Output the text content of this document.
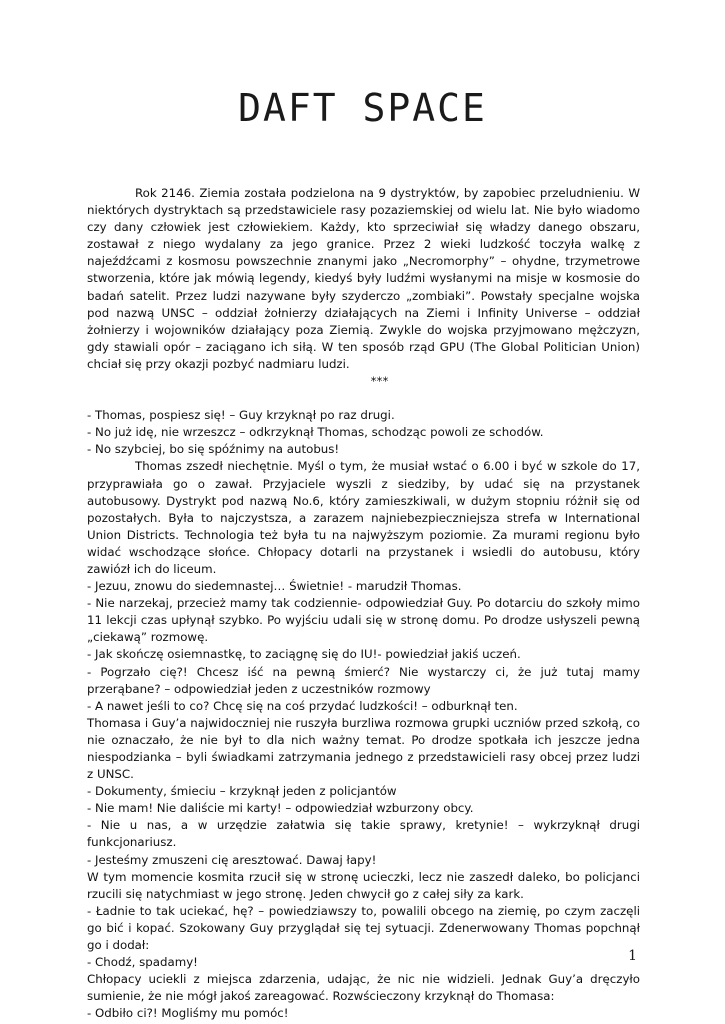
DAFT SPACE

Rok 2146. Ziemia została podzielona na 9 dystryktów, by zapobiec przeludnieniu. W niektórych dystryktach są przedstawiciele rasy pozaziemskiej od wielu lat. Nie było wiadomo czy dany człowiek jest człowiekiem. Każdy, kto sprzeciwiał się władzy danego obszaru, zostawał z niego wydalany za jego granice. Przez 2 wieki ludzkość toczyła walkę z najeźdźcami z kosmosu powszechnie znanymi jako „Necromorphy” – ohydne, trzymetrowe stworzenia, które jak mówią legendy, kiedyś były ludźmi wysłanymi na misje w kosmosie do badań satelit. Przez ludzi nazywane były szyderczo „zombiaki”. Powstały specjalne wojska pod nazwą UNSC – oddział żołnierzy działających na Ziemi i Infinity Universe – oddział żołnierzy i wojowników działający poza Ziemią. Zwykle do wojska przyjmowano mężczyzn, gdy stawiali opór – zaciągano ich siłą. W ten sposób rząd GPU (The Global Politician Union) chciał się przy okazji pozbyć nadmiaru ludzi.

***

- Thomas, pospiesz się! – Guy krzyknął po raz drugi.

- No już idę, nie wrzeszcz – odkrzyknął Thomas, schodząc powoli ze schodów.

- No szybciej, bo się spóźnimy na autobus!

Thomas zszedł niechętnie. Myśl o tym, że musiał wstać o 6.00 i być w szkole do 17, przyprawiała go o zawał. Przyjaciele wyszli z siedziby, by udać się na przystanek autobusowy. Dystrykt pod nazwą No.6, który zamieszkiwali, w dużym stopniu różnił się od pozostałych. Była to najczystsza, a zarazem najniebezpieczniejsza strefa w International Union Districts. Technologia też była tu na najwyższym poziomie. Za murami regionu było widać wschodzące słońce. Chłopacy dotarli na przystanek i wsiedli do autobusu, który zawiózł ich do liceum.

- Jezuu, znowu do siedemnastej… Świetnie! - marudził Thomas.

- Nie narzekaj, przecież mamy tak codziennie- odpowiedział Guy. Po dotarciu do szkoły mimo 11 lekcji czas upłynął szybko. Po wyjściu udali się w stronę domu. Po drodze usłyszeli pewną „ciekawą” rozmowę.

- Jak skończę osiemnastkę, to zaciągnę się do IU!- powiedział jakiś uczeń.

- Pogrzało cię?! Chcesz iść na pewną śmierć? Nie wystarczy ci, że już tutaj mamy przerąbane? – odpowiedział jeden z uczestników rozmowy

- A nawet jeśli to co? Chcę się na coś przydać ludzkości! – odburknął ten.

Thomasa i Guy’a najwidoczniej nie ruszyła burzliwa rozmowa grupki uczniów przed szkołą, co nie oznaczało, że nie był to dla nich ważny temat. Po drodze spotkała ich jeszcze jedna niespodzianka – byli świadkami zatrzymania jednego z przedstawicieli rasy obcej przez ludzi z UNSC.

- Dokumenty, śmieciu – krzyknął jeden z policjantów

- Nie mam! Nie daliście mi karty! – odpowiedział wzburzony obcy.

- Nie u nas, a w urzędzie załatwia się takie sprawy, kretynie! – wykrzyknął drugi funkcjonariusz.

- Jesteśmy zmuszeni cię aresztować. Dawaj łapy!

W tym momencie kosmita rzucił się w stronę ucieczki, lecz nie zaszedł daleko, bo policjanci rzucili się natychmiast w jego stronę. Jeden chwycił go z całej siły za kark.

- Ładnie to tak uciekać, hę? – powiedziawszy to, powalili obcego na ziemię, po czym zaczęli go bić i kopać. Szokowany Guy przyglądał się tej sytuacji. Zdenerwowany Thomas popchnął go i dodał:

- Chodź, spadamy!

Chłopacy uciekli z miejsca zdarzenia, udając, że nic nie widzieli. Jednak Guy’a dręczyło sumienie, że nie mógł jakoś zareagować. Rozwścieczony krzyknął do Thomasa:

- Odbiło ci?! Mogliśmy mu pomóc!

1
